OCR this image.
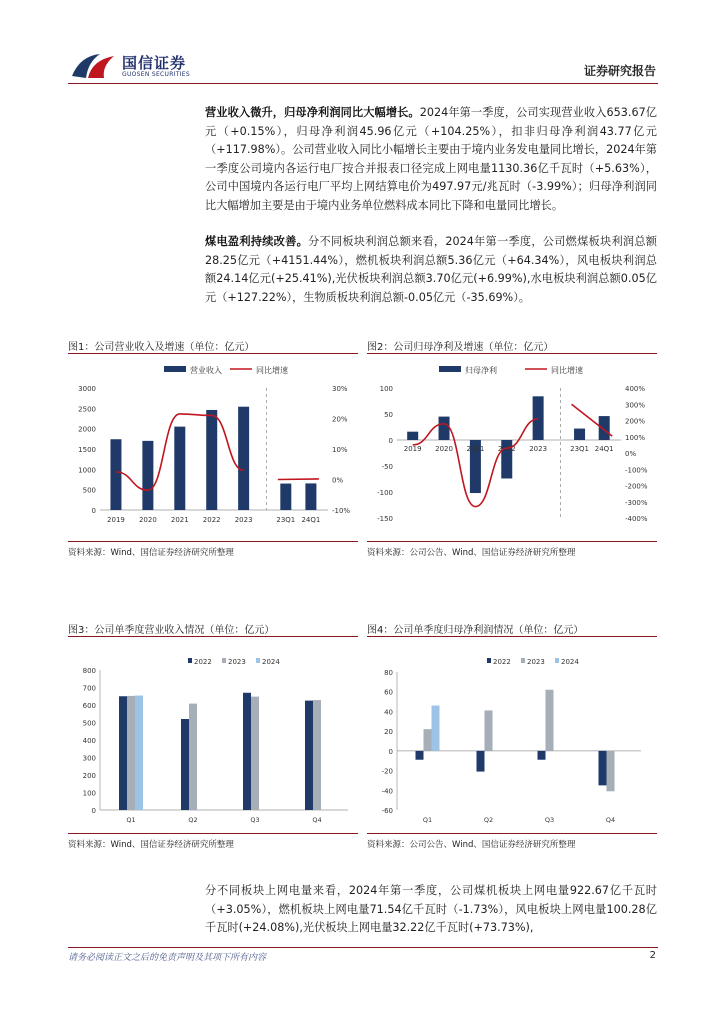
国信证券
GUOSEN SECURITIES	证券研究报告
营业收入微升，归母净利润同比大幅增长。2024年第一季度，公司实现营业收入653.67亿元（+0.15%），归母净利润45.96亿元（+104.25%），扣非归母净利润43.77亿元（+117.98%）。公司营业收入同比小幅增长主要由于境内业务发电量同比增长，2024年第一季度公司境内各运行电厂按合并报表口径完成上网电量1130.36亿千瓦时（+5.63%），公司中国境内各运行电厂平均上网结算电价为497.97元/兆瓦时（-3.99%）；归母净利润同比大幅增加主要是由于境内业务单位燃料成本同比下降和电量同比增长。
煤电盈利持续改善。分不同板块利润总额来看，2024年第一季度，公司燃煤板块利润总额28.25亿元（+4151.44%），燃机板块利润总额5.36亿元（+64.34%），风电板块利润总额24.14亿元(+25.41%),光伏板块利润总额3.70亿元(+6.99%),水电板块利润总额0.05亿元（+127.22%），生物质板块利润总额-0.05亿元（-35.69%）。
图1：公司营业收入及增速（单位：亿元）
营业收入	同比增速
0
500
1000
1500
2000
2500
3000
-10%
0%
10%
20%
30%
2019 2020 2021 2022 2023	23Q1 24Q1
资料来源：Wind、国信证券经济研究所整理
图2：公司归母净利及增速（单位：亿元）
归母净利	同比增速
-150
-100
-50
0
50
100
-400%
-300%
-200%
-100%
0%
100%
200%
300%
400%
2019 2020 2021 2022 2023	23Q1 24Q1
资料来源：公司公告、Wind、国信证券经济研究所整理
图3：公司单季度营业收入情况（单位：亿元）
2022 2023 2024
0
100
200
300
400
500
600
700
800
Q1	Q2	Q3	Q4
资料来源：Wind、国信证券经济研究所整理
图4：公司单季度归母净利润情况（单位：亿元）
2022 2023 2024
-60
-40
-20
0
20
40
60
80
Q1	Q2	Q3	Q4
资料来源：公司公告、Wind、国信证券经济研究所整理
分不同板块上网电量来看，2024年第一季度，公司煤机板块上网电量922.67亿千瓦时（+3.05%），燃机板块上网电量71.54亿千瓦时（-1.73%），风电板块上网电量100.28亿千瓦时(+24.08%),光伏板块上网电量32.22亿千瓦时(+73.73%),
请务必阅读正文之后的免责声明及其项下所有内容	2
